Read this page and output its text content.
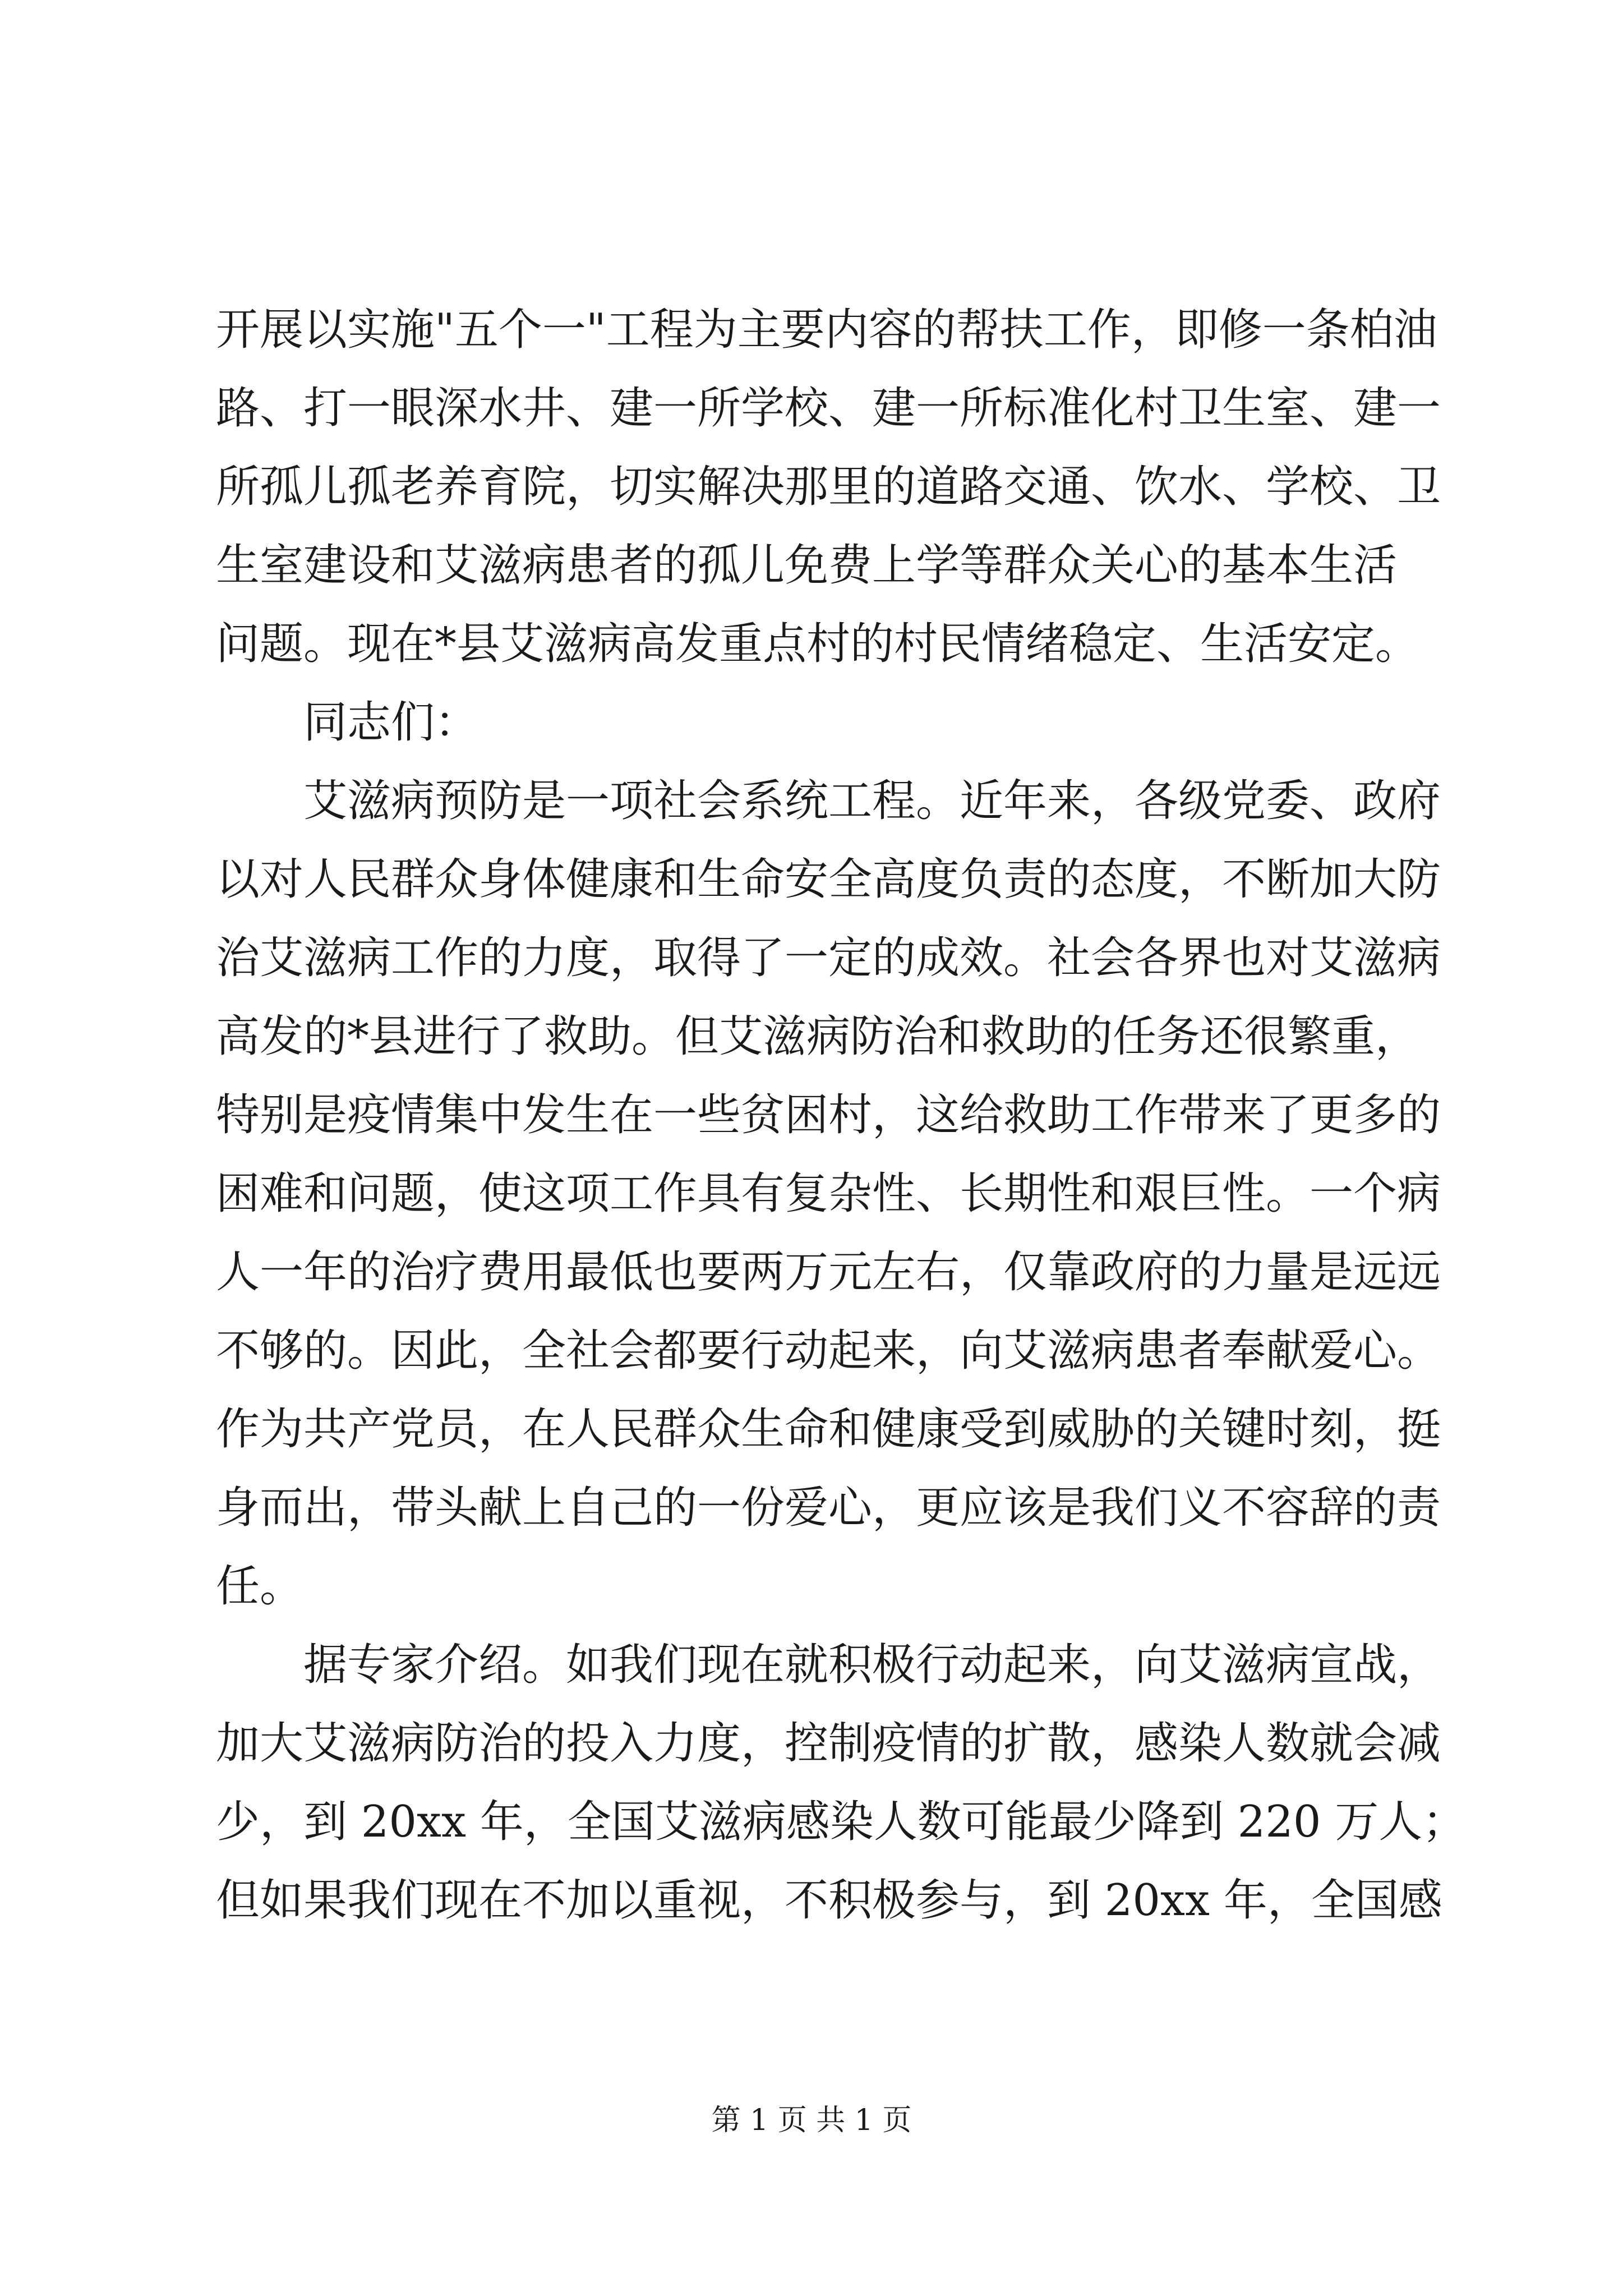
开展以实施"五个一"工程为主要内容的帮扶工作，即修一条柏油
路、打一眼深水井、建一所学校、建一所标准化村卫生室、建一
所孤儿孤老养育院，切实解决那里的道路交通、饮水、学校、卫
生室建设和艾滋病患者的孤儿免费上学等群众关心的基本生活
问题。现在*县艾滋病高发重点村的村民情绪稳定、生活安定。
同志们：
艾滋病预防是一项社会系统工程。近年来，各级党委、政府
以对人民群众身体健康和生命安全高度负责的态度，不断加大防
治艾滋病工作的力度，取得了一定的成效。社会各界也对艾滋病
高发的*县进行了救助。但艾滋病防治和救助的任务还很繁重，
特别是疫情集中发生在一些贫困村，这给救助工作带来了更多的
困难和问题，使这项工作具有复杂性、长期性和艰巨性。一个病
人一年的治疗费用最低也要两万元左右，仅靠政府的力量是远远
不够的。因此，全社会都要行动起来，向艾滋病患者奉献爱心。
作为共产党员，在人民群众生命和健康受到威胁的关键时刻，挺
身而出，带头献上自己的一份爱心，更应该是我们义不容辞的责
任。
据专家介绍。如我们现在就积极行动起来，向艾滋病宣战，
加大艾滋病防治的投入力度，控制疫情的扩散，感染人数就会减
少，到 20xx 年，全国艾滋病感染人数可能最少降到 220 万人；
但如果我们现在不加以重视，不积极参与，到 20xx 年，全国感
第 1 页 共 1 页
